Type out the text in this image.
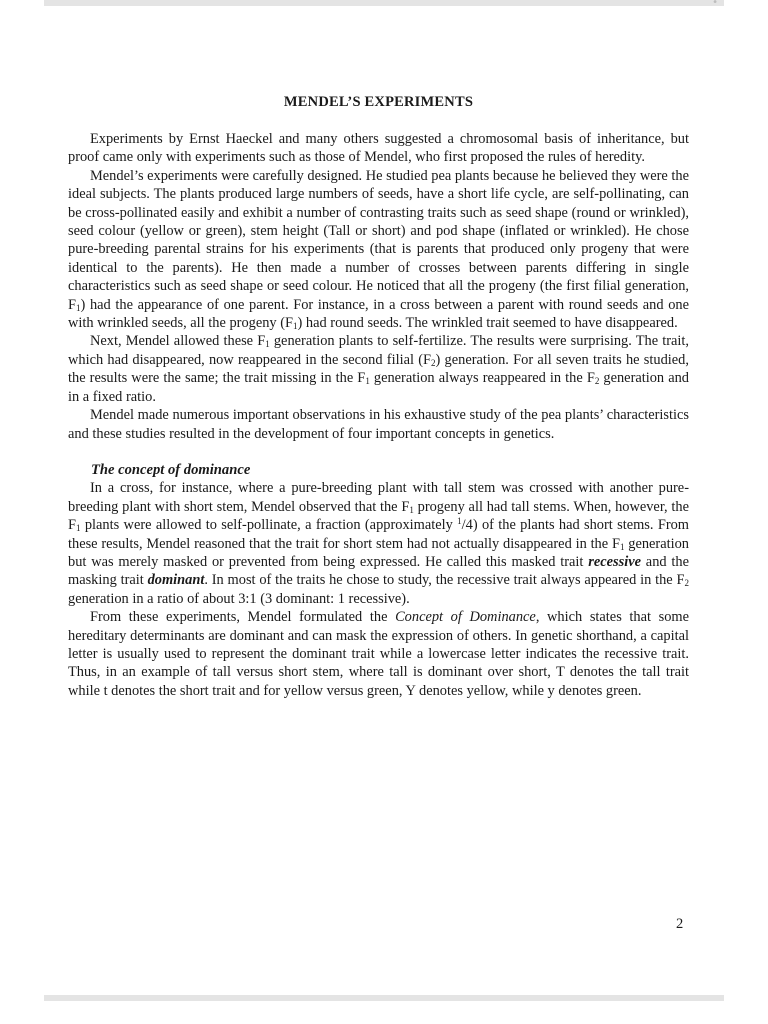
•
MENDEL’S EXPERIMENTS

Experiments by Ernst Haeckel and many others suggested a chromosomal basis of inheritance, but proof came only with experiments such as those of Mendel, who first proposed the rules of heredity.

Mendel’s experiments were carefully designed. He studied pea plants because he believed they were the ideal subjects. The plants produced large numbers of seeds, have a short life cycle, are self-pollinating, can be cross-pollinated easily and exhibit a number of contrasting traits such as seed shape (round or wrinkled), seed colour (yellow or green), stem height (Tall or short) and pod shape (inflated or wrinkled). He chose pure-breeding parental strains for his experiments (that is parents that produced only progeny that were identical to the parents). He then made a number of crosses between parents differing in single characteristics such as seed shape or seed colour. He noticed that all the progeny (the first filial generation, $F_1$) had the appearance of one parent. For instance, in a cross between a parent with round seeds and one with wrinkled seeds, all the progeny $(F_1)$ had round seeds. The wrinkled trait seemed to have disappeared.

Next, Mendel allowed these $F_1$ generation plants to self-fertilize. The results were surprising. The trait, which had disappeared, now reappeared in the second filial $(F_2)$ generation. For all seven traits he studied, the results were the same; the trait missing in the $F_1$ generation always reappeared in the $F_2$ generation and in a fixed ratio.

Mendel made numerous important observations in his exhaustive study of the pea plants’ characteristics and these studies resulted in the development of four important concepts in genetics.

The concept of dominance

In a cross, for instance, where a pure-breeding plant with tall stem was crossed with another pure-breeding plant with short stem, Mendel observed that the $F_1$ progeny all had tall stems. When, however, the $F_1$ plants were allowed to self-pollinate, a fraction (approximately $^1$/4) of the plants had short stems. From these results, Mendel reasoned that the trait for short stem had not actually disappeared in the $F_1$ generation but was merely masked or prevented from being expressed. He called this masked trait recessive and the masking trait dominant. In most of the traits he chose to study, the recessive trait always appeared in the $F_2$ generation in a ratio of about 3:1 (3 dominant: 1 recessive).

From these experiments, Mendel formulated the Concept of Dominance, which states that some hereditary determinants are dominant and can mask the expression of others. In genetic shorthand, a capital letter is usually used to represent the dominant trait while a lowercase letter indicates the recessive trait. Thus, in an example of tall versus short stem, where tall is dominant over short, T denotes the tall trait while t denotes the short trait and for yellow versus green, Y denotes yellow, while y denotes green.

2
